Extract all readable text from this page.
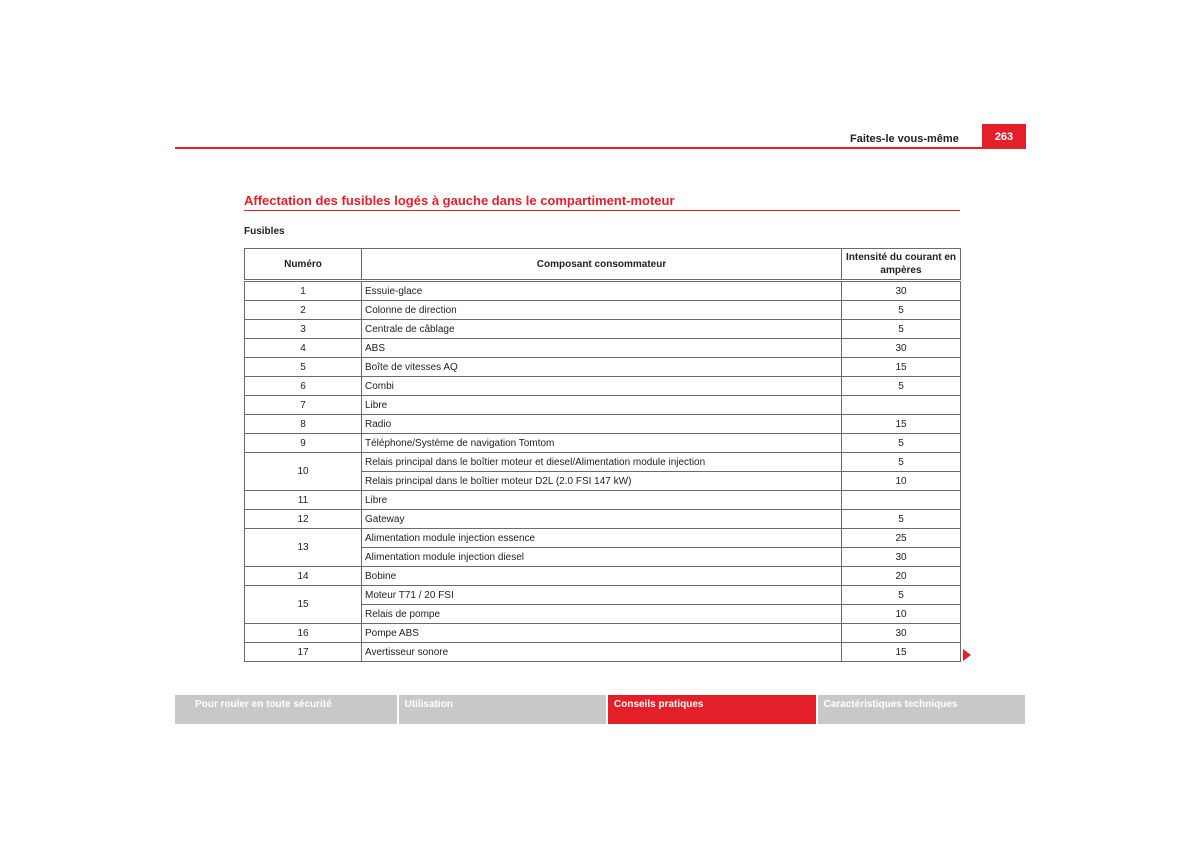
Faites-le vous-même	263
Affectation des fusibles logés à gauche dans le compartiment-moteur
Fusibles
Numéro	Composant consommateur	Intensité du courant en ampères
1	Essuie-glace	30
2	Colonne de direction	5
3	Centrale de câblage	5
4	ABS	30
5	Boîte de vitesses AQ	15
6	Combi	5
7	Libre	
8	Radio	15
9	Téléphone/Système de navigation Tomtom	5
10	Relais principal dans le boîtier moteur et diesel/Alimentation module injection	5
	Relais principal dans le boîtier moteur D2L (2.0 FSI 147 kW)	10
11	Libre	
12	Gateway	5
13	Alimentation module injection essence	25
	Alimentation module injection diesel	30
14	Bobine	20
15	Moteur T71 / 20 FSI	5
	Relais de pompe	10
16	Pompe ABS	30
17	Avertisseur sonore	15
Pour rouler en toute sécurité	Utilisation	Conseils pratiques	Caractéristiques techniques
